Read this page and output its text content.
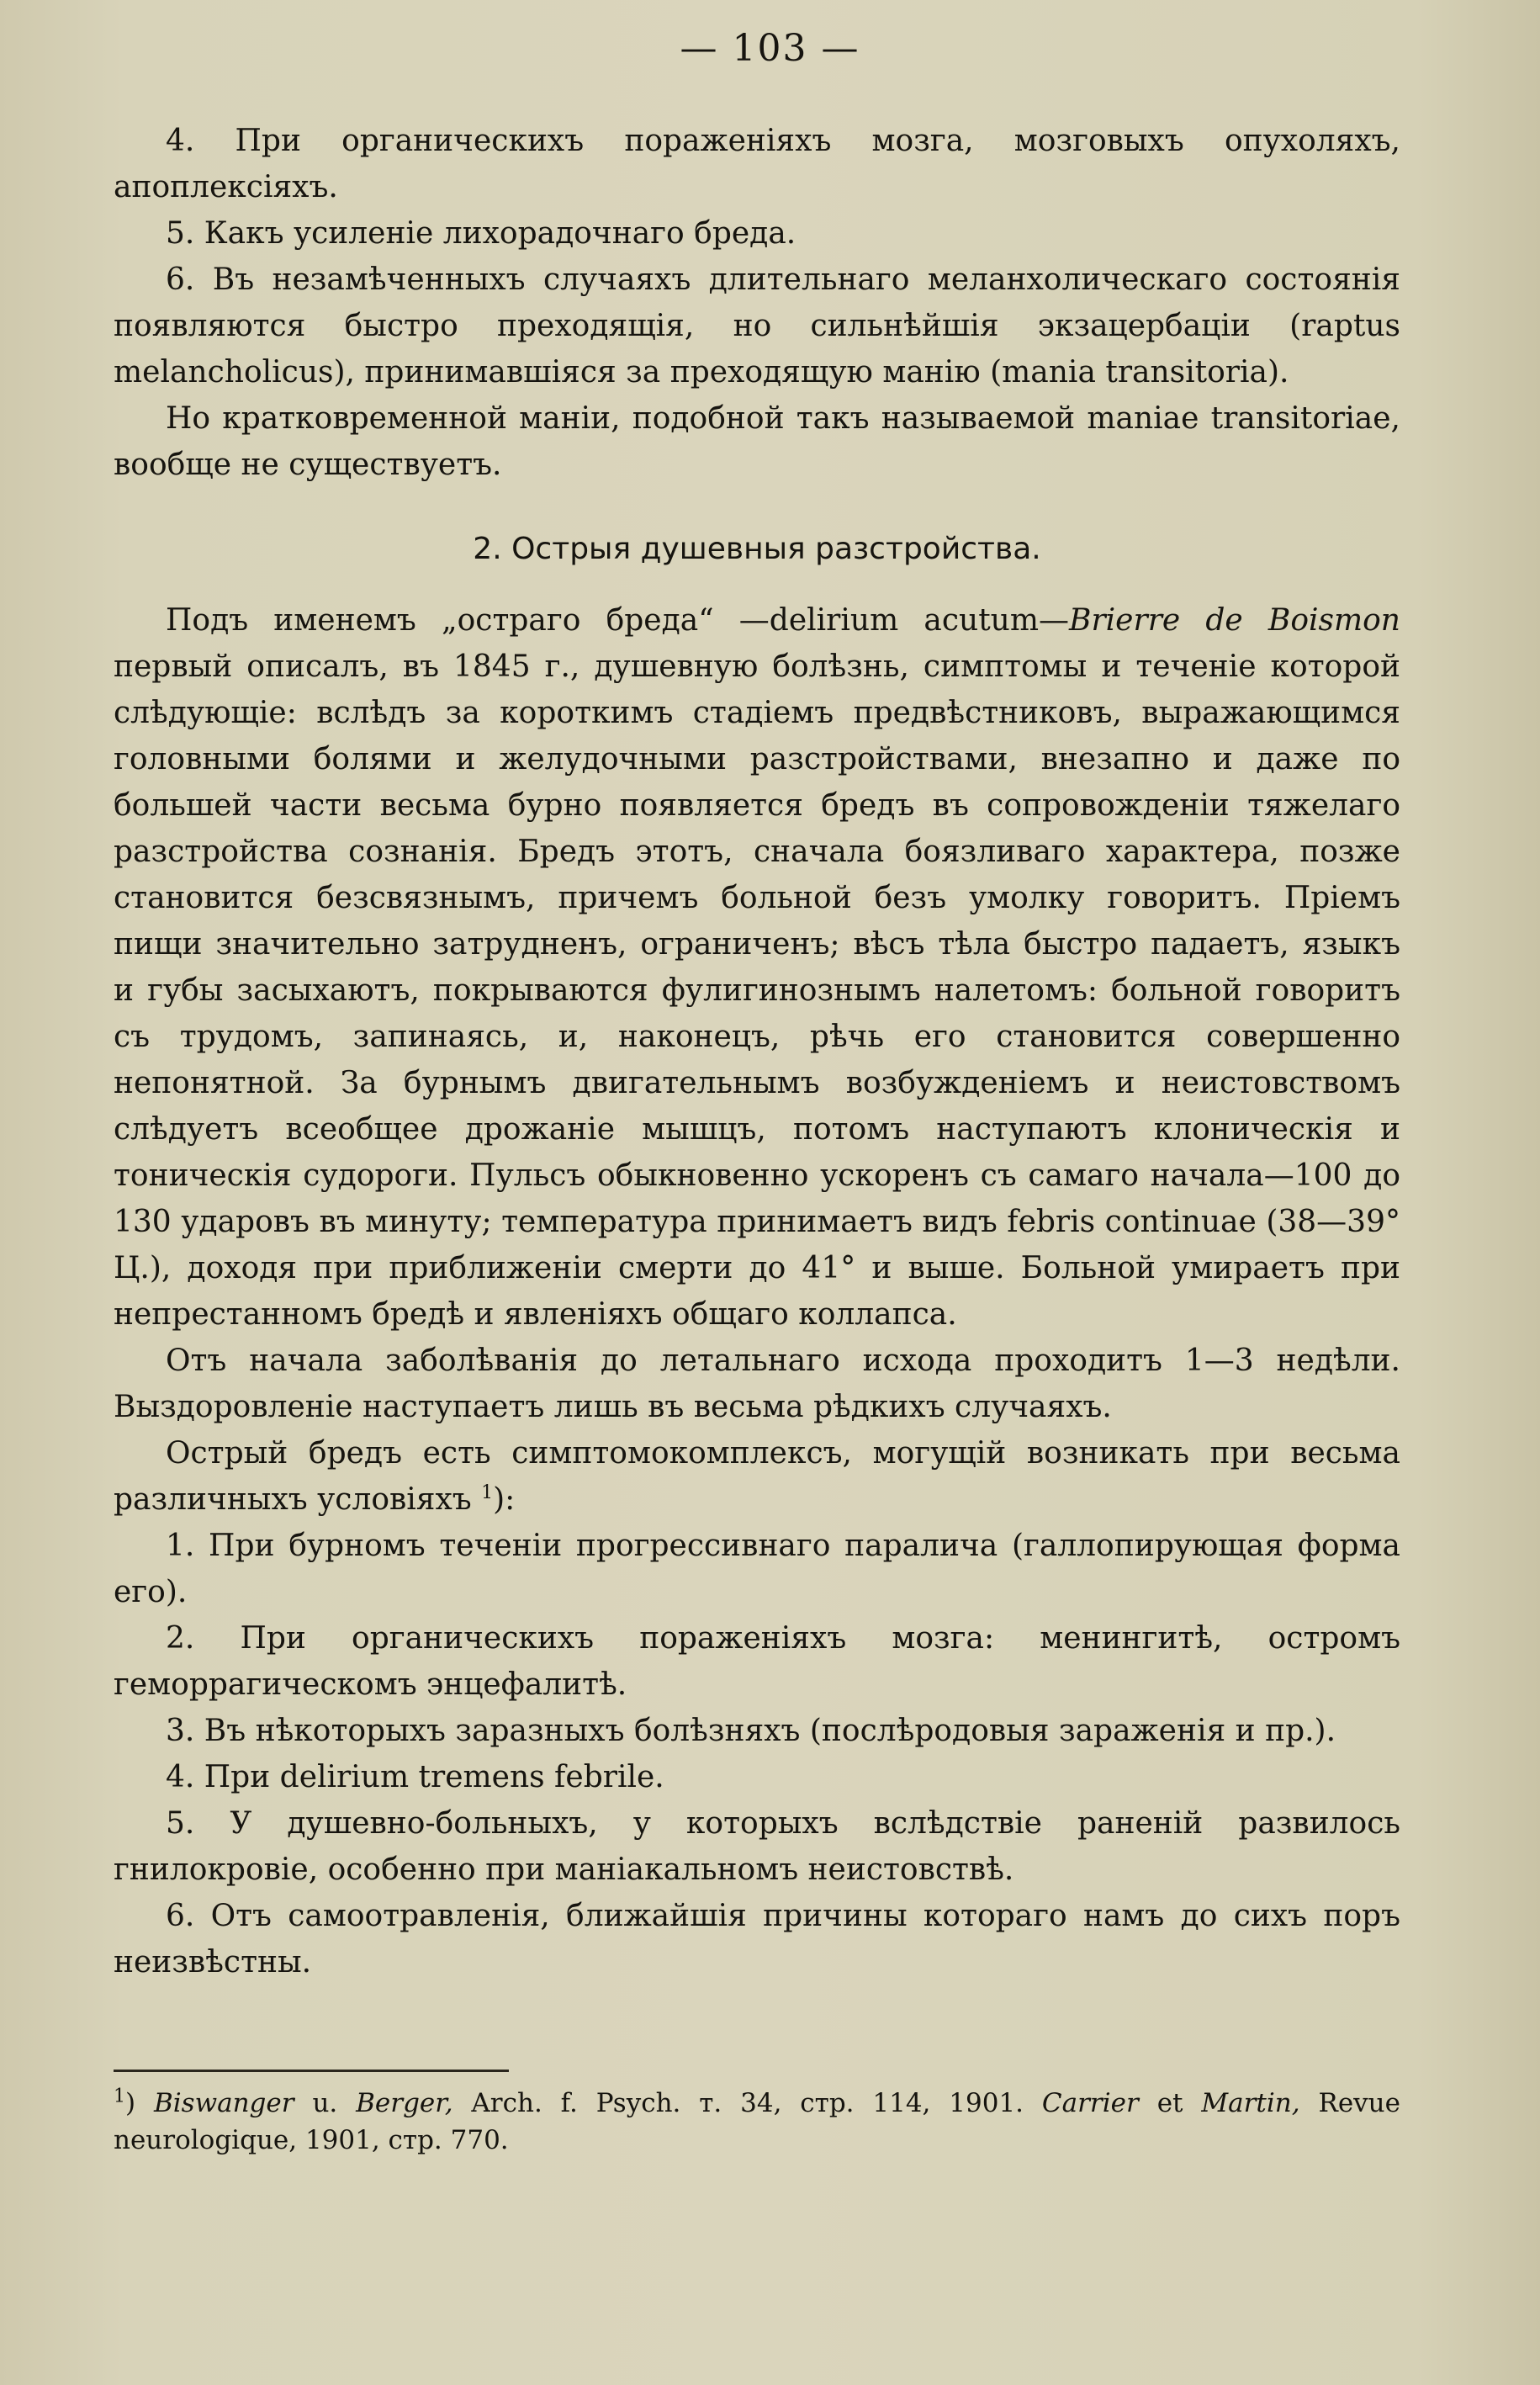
— 103 —

4. При органическихъ пораженіяхъ мозга, мозговыхъ опухоляхъ, апоплексіяхъ.

5. Какъ усиленіе лихорадочнаго бреда.

6. Въ незамѣченныхъ случаяхъ длительнаго меланхолическаго состоянія появляются быстро преходящія, но сильнѣйшія экзацербаціи (raptus melancholicus), принимавшіяся за преходящую манію (mania transitoria).

Но кратковременной маніи, подобной такъ называемой maniae transitoriae, вообще не существуетъ.

2. Острыя душевныя разстройства.

Подъ именемъ „остраго бреда“ —delirium acutum—Brierre de Boismon первый описалъ, въ 1845 г., душевную болѣзнь, симптомы и теченіе которой слѣдующіе: вслѣдъ за короткимъ стадіемъ предвѣстниковъ, выражающимся головными болями и желудочными разстройствами, внезапно и даже по большей части весьма бурно появляется бредъ въ сопровожденіи тяжелаго разстройства сознанія. Бредъ этотъ, сначала боязливаго характера, позже становится безсвязнымъ, причемъ больной безъ умолку говоритъ. Пріемъ пищи значительно затрудненъ, ограниченъ; вѣсъ тѣла быстро падаетъ, языкъ и губы засыхаютъ, покрываются фулигинознымъ налетомъ: больной говоритъ съ трудомъ, запинаясь, и, наконецъ, рѣчь его становится совершенно непонятной. За бурнымъ двигательнымъ возбужденіемъ и неистовствомъ слѣдуетъ всеобщее дрожаніе мышцъ, потомъ наступаютъ клоническія и тоническія судороги. Пульсъ обыкновенно ускоренъ съ самаго начала—100 до 130 ударовъ въ минуту; температура принимаетъ видъ febris continuae (38—39° Ц.), доходя при приближеніи смерти до 41° и выше. Больной умираетъ при непрестанномъ бредѣ и явленіяхъ общаго коллапса.

Отъ начала заболѣванія до летальнаго исхода проходитъ 1—3 недѣли. Выздоровленіе наступаетъ лишь въ весьма рѣдкихъ случаяхъ.

Острый бредъ есть симптомокомплексъ, могущій возникать при весьма различныхъ условіяхъ $^1$):

1. При бурномъ теченіи прогрессивнаго паралича (галлопирующая форма его).

2. При органическихъ пораженіяхъ мозга: менингитѣ, остромъ геморрагическомъ энцефалитѣ.

3. Въ нѣкоторыхъ заразныхъ болѣзняхъ (послѣродовыя зараженія и пр.).

4. При delirium tremens febrile.

5. У душевно-больныхъ, у которыхъ вслѣдствіе раненій развилось гнилокровіе, особенно при маніакальномъ неистовствѣ.

6. Отъ самоотравленія, ближайшія причины котораго намъ до сихъ поръ неизвѣстны.

$^1$) Biswanger u. Berger, Arch. f. Psych. т. 34, стр. 114, 1901. Carrier et Martin, Revue neurologique, 1901, стр. 770.
